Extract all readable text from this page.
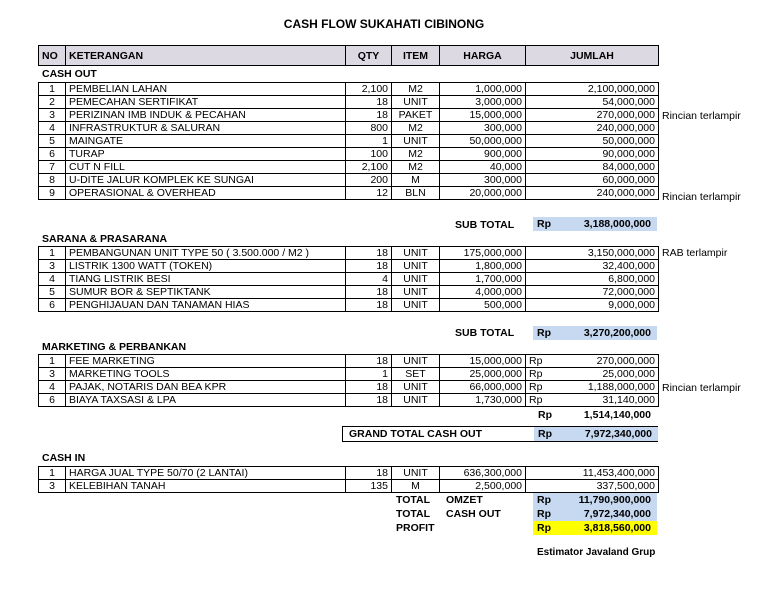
CASH FLOW SUKAHATI CIBINONG
NO	KETERANGAN	QTY	ITEM	HARGA	JUMLAH
CASH OUT
1	PEMBELIAN LAHAN	2,100	M2	1,000,000	2,100,000,000
2	PEMECAHAN SERTIFIKAT	18	UNIT	3,000,000	54,000,000
3	PERIZINAN IMB INDUK & PECAHAN	18	PAKET	15,000,000	270,000,000
4	INFRASTRUKTUR & SALURAN	800	M2	300,000	240,000,000
5	MAINGATE	1	UNIT	50,000,000	50,000,000
6	TURAP	100	M2	900,000	90,000,000
7	CUT N FILL	2,100	M2	40,000	84,000,000
8	U-DITE JALUR KOMPLEK KE SUNGAI	200	M	300,000	60,000,000
9	OPERASIONAL & OVERHEAD	12	BLN	20,000,000	240,000,000
Rincian terlampir
Rincian terlampir
SUB TOTAL	Rp	3,188,000,000
SARANA & PRASARANA
1	PEMBANGUNAN UNIT TYPE 50 ( 3.500.000 / M2 )	18	UNIT	175,000,000	3,150,000,000
3	LISTRIK 1300 WATT (TOKEN)	18	UNIT	1,800,000	32,400,000
4	TIANG LISTRIK BESI	4	UNIT	1,700,000	6,800,000
5	SUMUR BOR & SEPTIKTANK	18	UNIT	4,000,000	72,000,000
6	PENGHIJAUAN DAN TANAMAN HIAS	18	UNIT	500,000	9,000,000
RAB terlampir
SUB TOTAL	Rp	3,270,200,000
MARKETING & PERBANKAN
1	FEE MARKETING	18	UNIT	15,000,000	Rp	270,000,000
3	MARKETING TOOLS	1	SET	25,000,000	Rp	25,000,000
4	PAJAK, NOTARIS DAN BEA KPR	18	UNIT	66,000,000	Rp	1,188,000,000
6	BIAYA TAXSASI & LPA	18	UNIT	1,730,000	Rp	31,140,000
Rincian terlampir
Rp	1,514,140,000
GRAND TOTAL CASH OUT	Rp	7,972,340,000
CASH IN
1	HARGA JUAL TYPE 50/70 (2 LANTAI)	18	UNIT	636,300,000	11,453,400,000
3	KELEBIHAN TANAH	135	M	2,500,000	337,500,000
TOTAL OMZET	Rp	11,790,900,000
TOTAL CASH OUT	Rp	7,972,340,000
PROFIT	Rp	3,818,560,000
Estimator Javaland Grup
